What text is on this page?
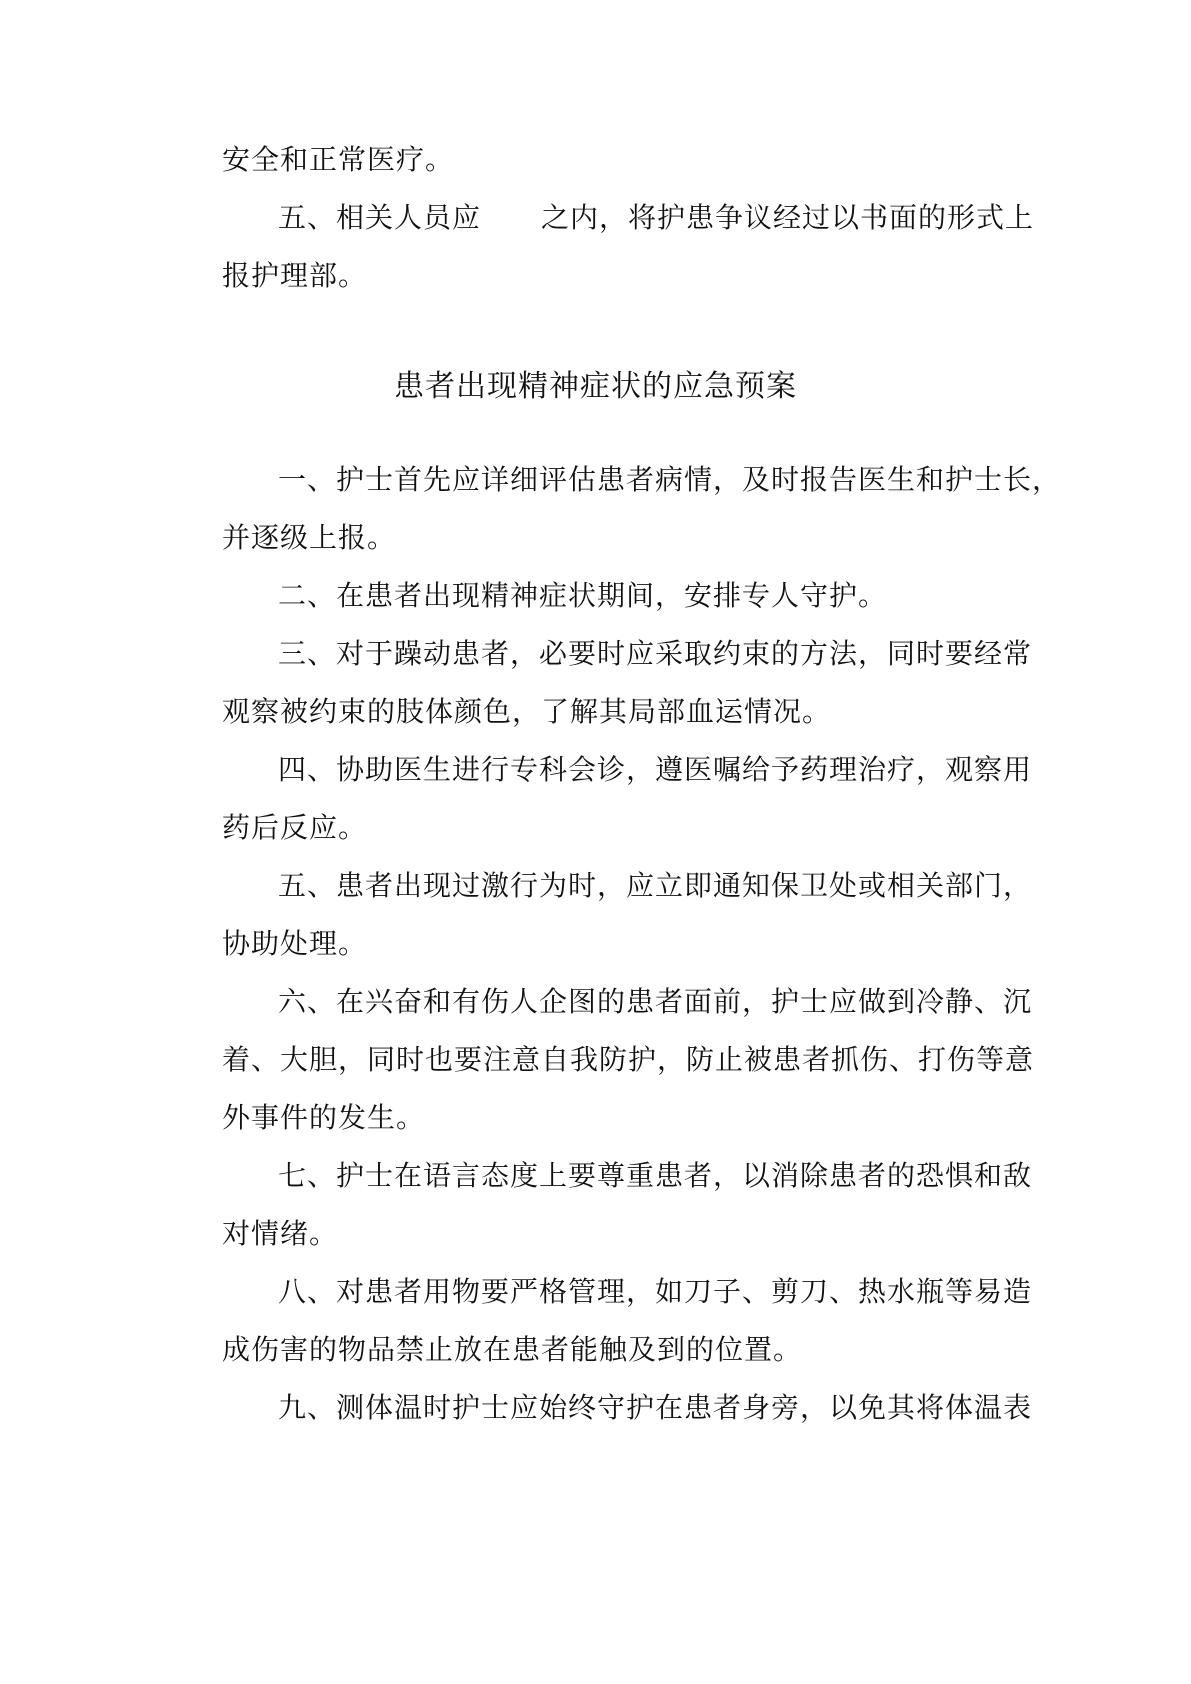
安全和正常医疗。
五、相关人员应 之内，将护患争议经过以书面的形式上
报护理部。
患者出现精神症状的应急预案
一、护士首先应详细评估患者病情，及时报告医生和护士长，
并逐级上报。
二、在患者出现精神症状期间，安排专人守护。
三、对于躁动患者，必要时应采取约束的方法，同时要经常
观察被约束的肢体颜色，了解其局部血运情况。
四、协助医生进行专科会诊，遵医嘱给予药理治疗，观察用
药后反应。
五、患者出现过激行为时，应立即通知保卫处或相关部门，
协助处理。
六、在兴奋和有伤人企图的患者面前，护士应做到冷静、沉
着、大胆，同时也要注意自我防护，防止被患者抓伤、打伤等意
外事件的发生。
七、护士在语言态度上要尊重患者，以消除患者的恐惧和敌
对情绪。
八、对患者用物要严格管理，如刀子、剪刀、热水瓶等易造
成伤害的物品禁止放在患者能触及到的位置。
九、测体温时护士应始终守护在患者身旁，以免其将体温表
